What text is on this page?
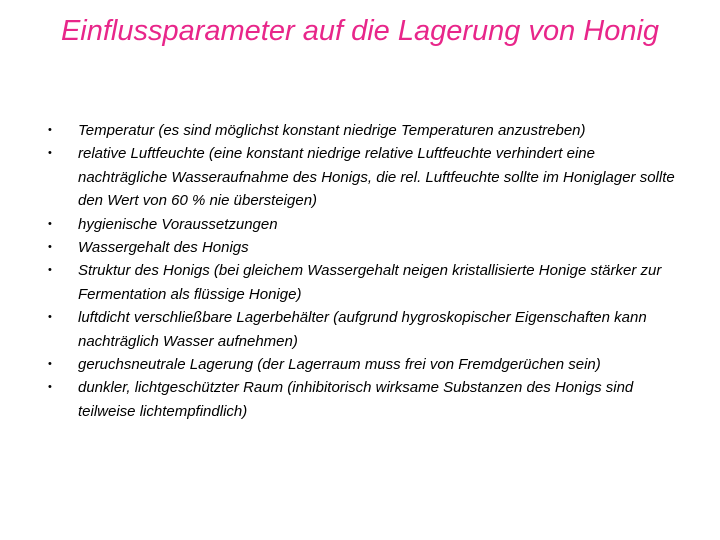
Einflussparameter auf die Lagerung von Honig
• Temperatur (es sind möglichst konstant niedrige Temperaturen anzustreben)
• relative Luftfeuchte (eine konstant niedrige relative Luftfeuchte verhindert eine nachträgliche Wasseraufnahme des Honigs, die rel. Luftfeuchte sollte im Honiglager sollte den Wert von 60 % nie übersteigen)
• hygienische Voraussetzungen
• Wassergehalt des Honigs
• Struktur des Honigs (bei gleichem Wassergehalt neigen kristallisierte Honige stärker zur Fermentation als flüssige Honige)
• luftdicht verschließbare Lagerbehälter (aufgrund hygroskopischer Eigenschaften kann nachträglich Wasser aufnehmen)
• geruchsneutrale Lagerung (der Lagerraum muss frei von Fremdgerüchen sein)
• dunkler, lichtgeschützter Raum (inhibitorisch wirksame Substanzen des Honigs sind teilweise lichtempfindlich)
